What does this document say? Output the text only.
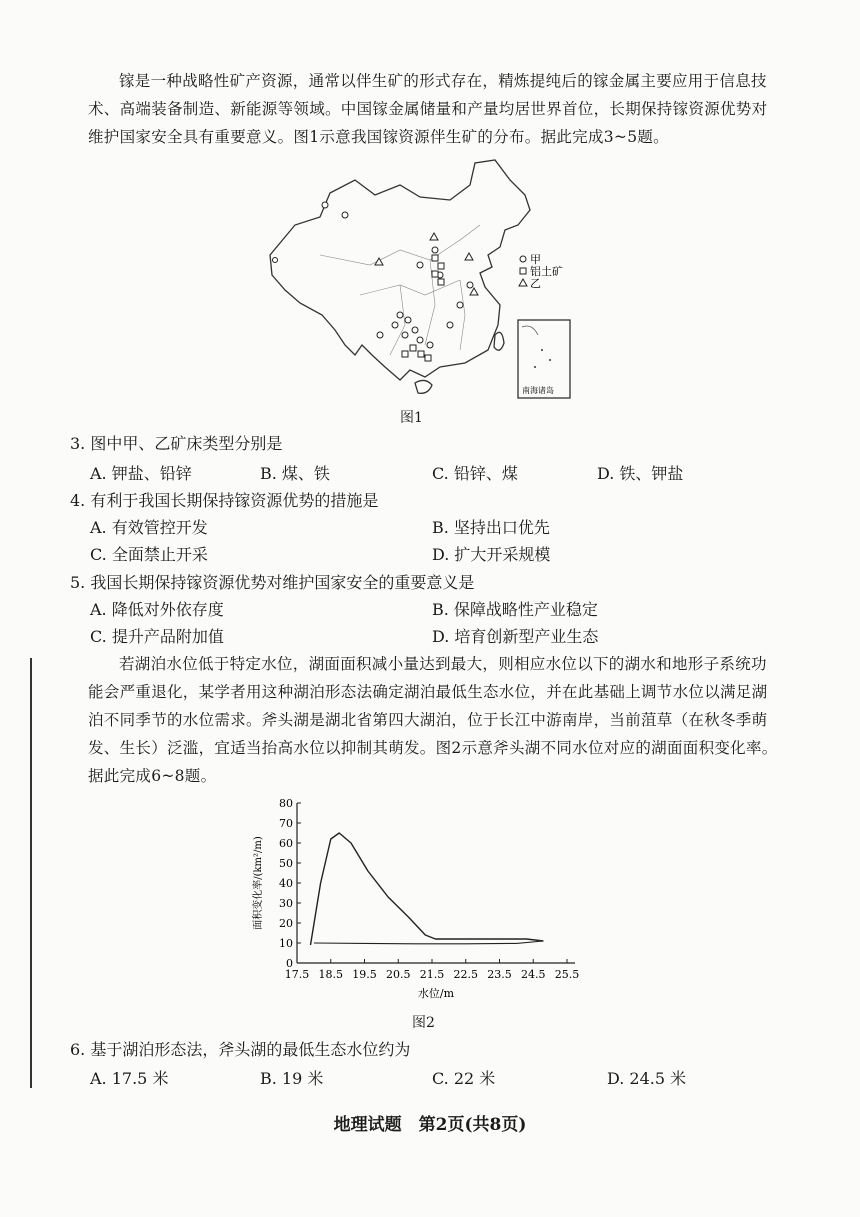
镓是一种战略性矿产资源，通常以伴生矿的形式存在，精炼提纯后的镓金属主要应用于信息技术、高端装备制造、新能源等领域。中国镓金属储量和产量均居世界首位，长期保持镓资源优势对维护国家安全具有重要意义。图1示意我国镓资源伴生矿的分布。据此完成3~5题。

甲
铝土矿
乙
南海诸岛

图1

3. 图中甲、乙矿床类型分别是

A. 钾盐、铅锌	B. 煤、铁	C. 铅锌、煤	D. 铁、钾盐

4. 有利于我国长期保持镓资源优势的措施是

A. 有效管控开发	B. 坚持出口优先

C. 全面禁止开采	D. 扩大开采规模

5. 我国长期保持镓资源优势对维护国家安全的重要意义是

A. 降低对外依存度	B. 保障战略性产业稳定

C. 提升产品附加值	D. 培育创新型产业生态

若湖泊水位低于特定水位，湖面面积减小量达到最大，则相应水位以下的湖水和地形子系统功能会严重退化，某学者用这种湖泊形态法确定湖泊最低生态水位，并在此基础上调节水位以满足湖泊不同季节的水位需求。斧头湖是湖北省第四大湖泊，位于长江中游南岸，当前菹草（在秋冬季萌发、生长）泛滥，宜适当抬高水位以抑制其萌发。图2示意斧头湖不同水位对应的湖面面积变化率。据此完成6~8题。

0
10
20
30
40
50
60
70
80
17.5 18.5 19.5 20.5 21.5 22.5 23.5 24.5 25.5
水位/m
面积变化率/(km²/m)

图2

6. 基于湖泊形态法，斧头湖的最低生态水位约为

A. 17.5 米	B. 19 米	C. 22 米	D. 24.5 米

地理试题　第2页(共8页)
